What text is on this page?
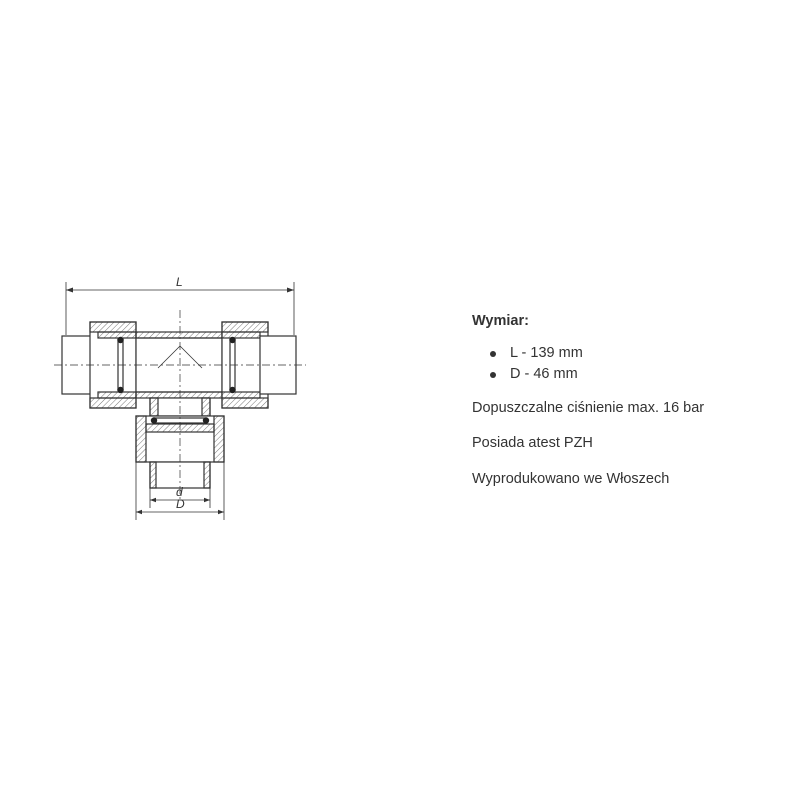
L
d
D
Wymiar:
L - 139 mm
D - 46 mm

Dopuszczalne ciśnienie max. 16 bar

Posiada atest PZH

Wyprodukowano we Włoszech
